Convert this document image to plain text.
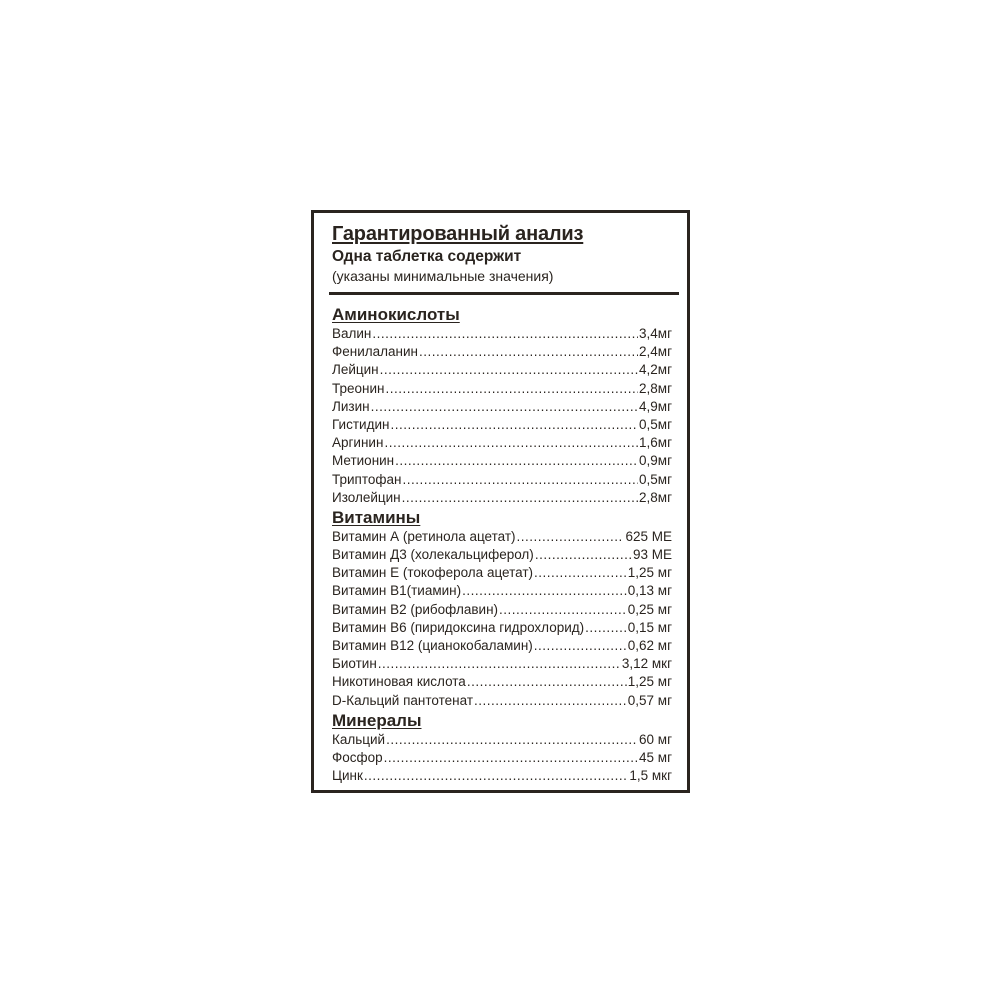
Гарантированный анализ
Одна таблетка содержит
(указаны минимальные значения)
Аминокислоты
Валин .....	3,4мг
Фенилаланин .....	2,4мг
Лейцин .....	4,2мг
Треонин .....	2,8мг
Лизин .....	4,9мг
Гистидин .....	0,5мг
Аргинин .....	1,6мг
Метионин .....	0,9мг
Триптофан .....	0,5мг
Изолейцин .....	2,8мг
Витамины
Витамин А (ретинола ацетат) .....	625 МЕ
Витамин Д3 (холекальциферол) .....	93 МЕ
Витамин Е (токоферола ацетат) .....	1,25 мг
Витамин В1(тиамин) .....	0,13 мг
Витамин В2 (рибофлавин) .....	0,25 мг
Витамин В6 (пиридоксина гидрохлорид) .....	0,15 мг
Витамин В12 (цианокобаламин) .....	0,62 мг
Биотин .....	3,12 мкг
Никотиновая кислота .....	1,25 мг
D-Кальций пантотенат .....	0,57 мг
Минералы
Кальций .....	60 мг
Фосфор .....	45 мг
Цинк .....	1,5 мкг
